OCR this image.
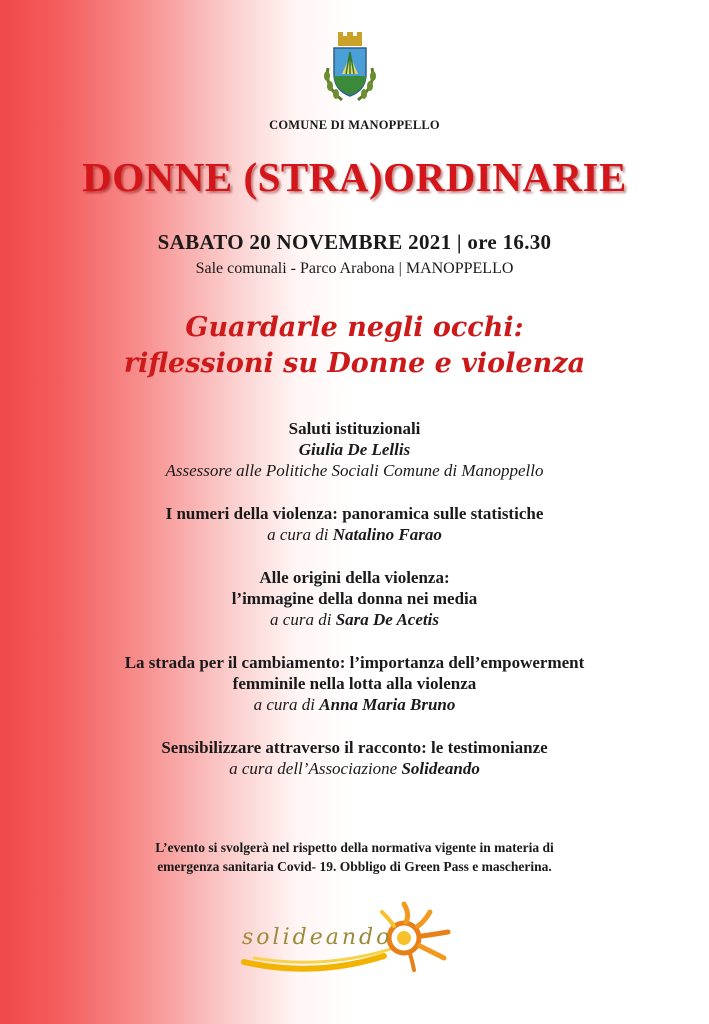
COMUNE DI MANOPPELLO
DONNE (STRA)ORDINARIE
SABATO 20 NOVEMBRE 2021 | ore 16.30
Sale comunali - Parco Arabona | MANOPPELLO
Guardarle negli occhi:
riflessioni su Donne e violenza
Saluti istituzionali
Giulia De Lellis
Assessore alle Politiche Sociali Comune di Manoppello
I numeri della violenza: panoramica sulle statistiche
a cura di Natalino Farao
Alle origini della violenza:
l’immagine della donna nei media
a cura di Sara De Acetis
La strada per il cambiamento: l’importanza dell’empowerment
femminile nella lotta alla violenza
a cura di Anna Maria Bruno
Sensibilizzare attraverso il racconto: le testimonianze
a cura dell’Associazione Solideando
L’evento si svolgerà nel rispetto della normativa vigente in materia di
emergenza sanitaria Covid- 19. Obbligo di Green Pass e mascherina.
solideando
